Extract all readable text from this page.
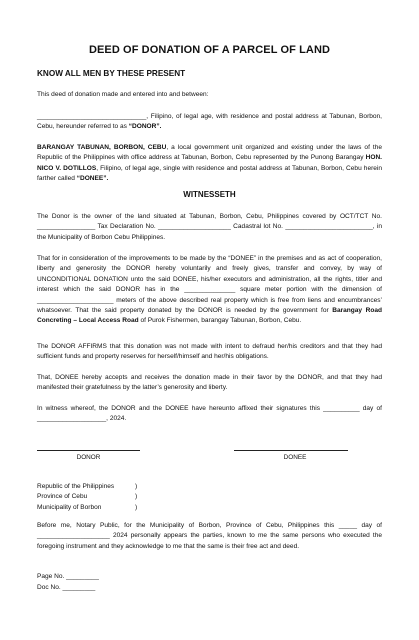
DEED OF DONATION OF A PARCEL OF LAND
KNOW ALL MEN BY THESE PRESENT
This deed of donation made and entered into and between:
______________________________, Filipino, of legal age, with residence and postal address at Tabunan, Borbon, Cebu, hereunder referred to as “DONOR”.
BARANGAY TABUNAN, BORBON, CEBU, a local government unit organized and existing under the laws of the Republic of the Philippines with office address at Tabunan, Borbon, Cebu represented by the Punong Barangay HON. NICO V. DOTILLOS, Filipino, of legal age, single with residence and postal address at Tabunan, Borbon, Cebu herein farther called “DONEE”.
WITNESSETH
The Donor is the owner of the land situated at Tabunan, Borbon, Cebu, Philippines covered by OCT/TCT No. ________________ Tax Declaration No. ____________________ Cadastral lot No. ________________________, in the Municipality of Borbon Cebu Philippines.
That for in consideration of the improvements to be made by the “DONEE” in the premises and as act of cooperation, liberty and generosity the DONOR hereby voluntarily and freely gives, transfer and convey, by way of UNCONDITIONAL DONATION unto the said DONEE, his/her executors and administration, all the rights, titler and interest which the said DONOR has in the ______________ square meter portion with the dimension of _____________________ meters of the above described real property which is free from liens and encumbrances’ whatsoever. That the said property donated by the DONOR is needed by the government for Barangay Road Concreting – Local Access Road of Purok Fishermen, barangay Tabunan, Borbon, Cebu.
The DONOR AFFIRMS that this donation was not made with intent to defraud her/his creditors and that they had sufficient funds and property reserves for herself/himself and her/his obligations.
That, DONEE hereby accepts and receives the donation made in their favor by the DONOR, and that they had manifested their gratefulness by the latter’s generosity and liberty.
In witness whereof, the DONOR and the DONEE have hereunto affixed their signatures this __________ day of ___________________, 2024.
DONOR	DONEE
Republic of the Philippines	)
Province of Cebu	)
Municipality of Borbon	)
Before me, Notary Public, for the Municipality of Borbon, Province of Cebu, Philippines this _____ day of ____________________ 2024 personally appears the parties, known to me the same persons who executed the foregoing instrument and they acknowledge to me that the same is their free act and deed.
Page No. _________
Doc No. _________
